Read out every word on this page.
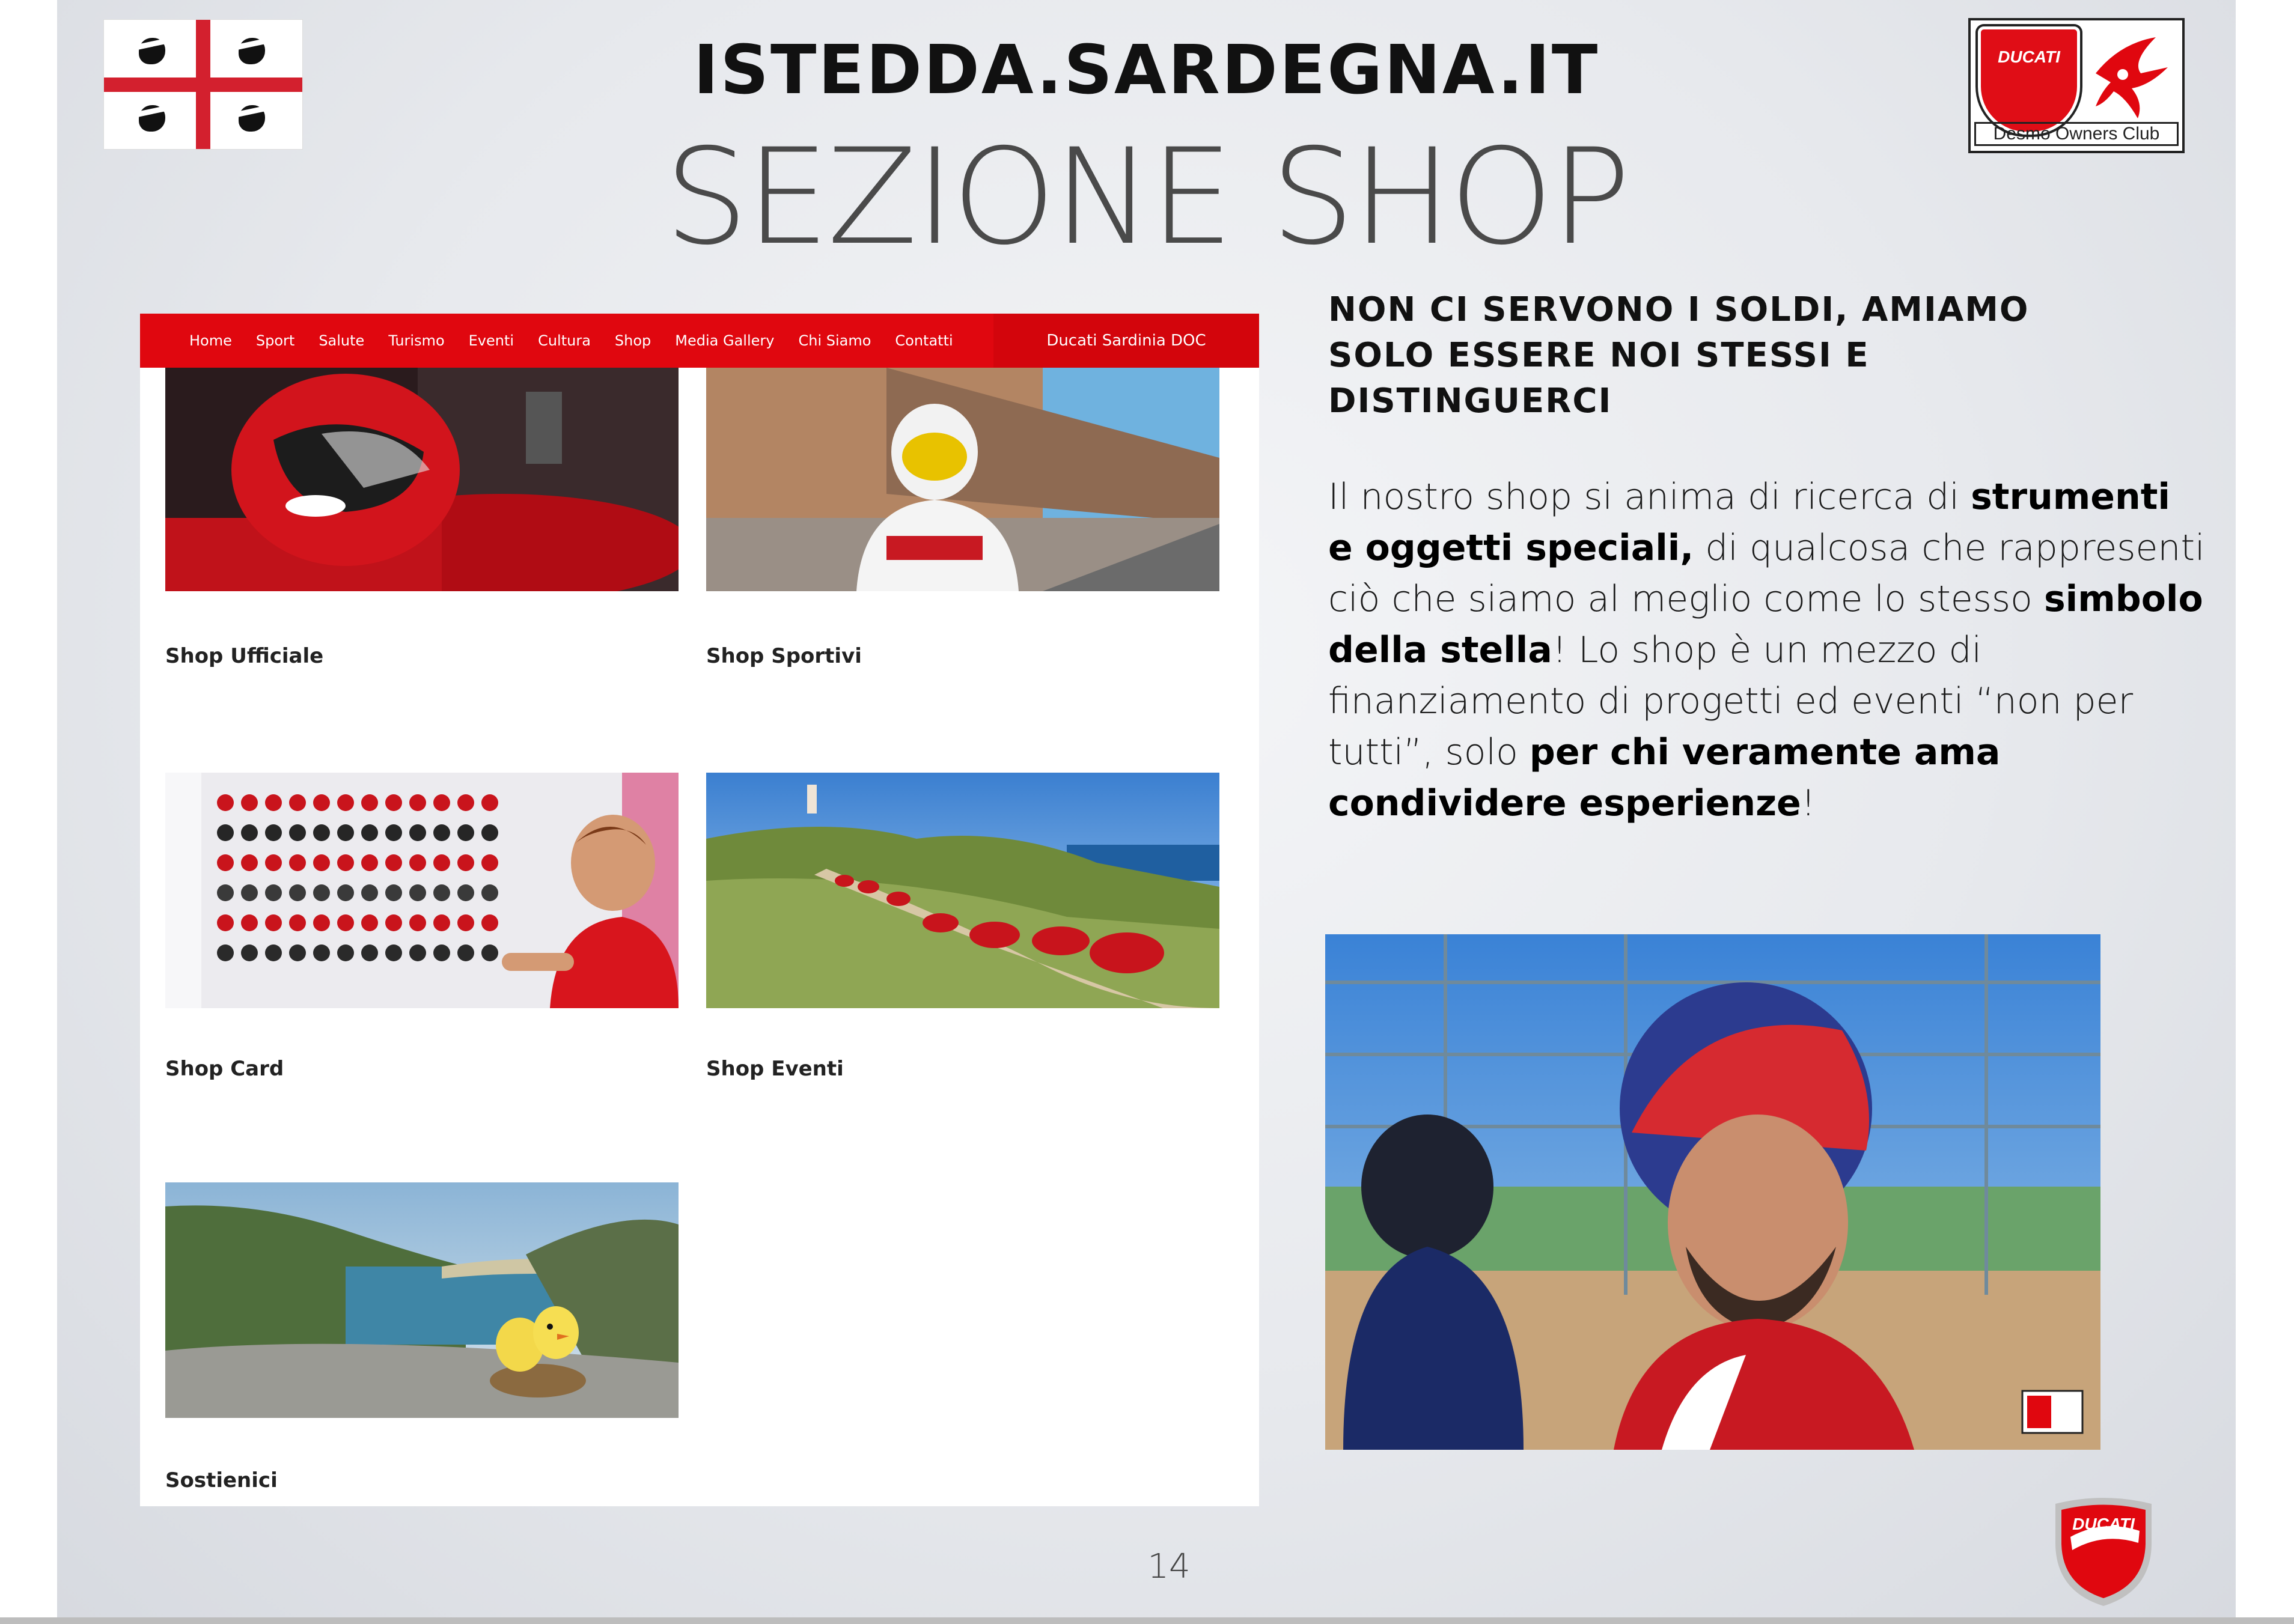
ISTEDDA.SARDEGNA.IT
SEZIONE SHOP
DUCATI
Desmo Owners Club
Home Sport Salute Turismo Eventi Cultura Shop Media Gallery Chi Siamo Contatti	Ducati Sardinia DOC
Shop Ufficiale	Shop Sportivi
Shop Card	Shop Eventi
Sostienici

NON CI SERVONO I SOLDI, AMIAMO SOLO ESSERE NOI STESSI E DISTINGUERCI

Il nostro shop si anima di ricerca di strumenti e oggetti speciali, di qualcosa che rappresenti ciò che siamo al meglio come lo stesso simbolo della stella! Lo shop è un mezzo di finanziamento di progetti ed eventi “non per tutti”, solo per chi veramente ama condividere esperienze!

14
DUCATI
